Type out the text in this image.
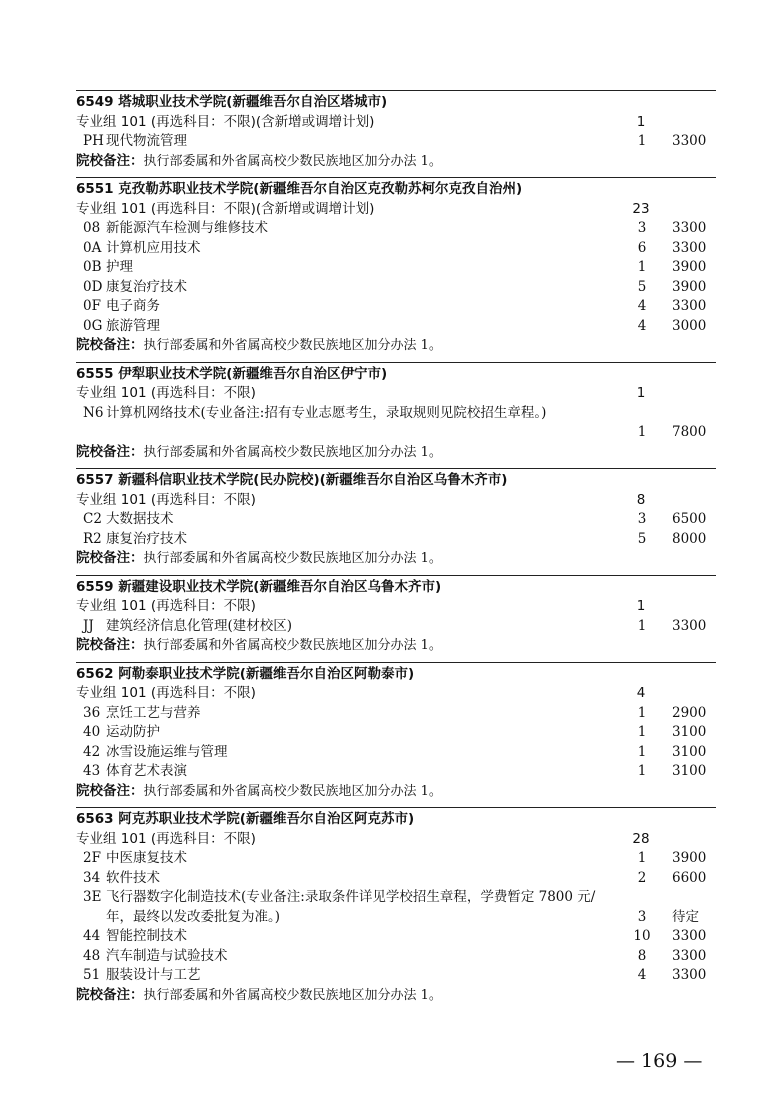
6549 塔城职业技术学院(新疆维吾尔自治区塔城市)
专业组 101 (再选科目：不限)(含新增或调增计划)	1
PH 现代物流管理	1	3300
院校备注：执行部委属和外省属高校少数民族地区加分办法 1。
6551 克孜勒苏职业技术学院(新疆维吾尔自治区克孜勒苏柯尔克孜自治州)
专业组 101 (再选科目：不限)(含新增或调增计划)	23
08 新能源汽车检测与维修技术	3	3300
0A 计算机应用技术	6	3300
0B 护理	1	3900
0D 康复治疗技术	5	3900
0F 电子商务	4	3300
0G 旅游管理	4	3000
院校备注：执行部委属和外省属高校少数民族地区加分办法 1。
6555 伊犁职业技术学院(新疆维吾尔自治区伊宁市)
专业组 101 (再选科目：不限)	1
N6 计算机网络技术(专业备注:招有专业志愿考生，录取规则见院校招生章程。)
1	7800
院校备注：执行部委属和外省属高校少数民族地区加分办法 1。
6557 新疆科信职业技术学院(民办院校)(新疆维吾尔自治区乌鲁木齐市)
专业组 101 (再选科目：不限)	8
C2 大数据技术	3	6500
R2 康复治疗技术	5	8000
院校备注：执行部委属和外省属高校少数民族地区加分办法 1。
6559 新疆建设职业技术学院(新疆维吾尔自治区乌鲁木齐市)
专业组 101 (再选科目：不限)	1
JJ 建筑经济信息化管理(建材校区)	1	3300
院校备注：执行部委属和外省属高校少数民族地区加分办法 1。
6562 阿勒泰职业技术学院(新疆维吾尔自治区阿勒泰市)
专业组 101 (再选科目：不限)	4
36 烹饪工艺与营养	1	2900
40 运动防护	1	3100
42 冰雪设施运维与管理	1	3100
43 体育艺术表演	1	3100
院校备注：执行部委属和外省属高校少数民族地区加分办法 1。
6563 阿克苏职业技术学院(新疆维吾尔自治区阿克苏市)
专业组 101 (再选科目：不限)	28
2F 中医康复技术	1	3900
34 软件技术	2	6600
3E 飞行器数字化制造技术(专业备注:录取条件详见学校招生章程，学费暂定 7800 元/年，最终以发改委批复为准。)	3	待定
44 智能控制技术	10 3300
48 汽车制造与试验技术	8	3300
51 服装设计与工艺	4	3300
院校备注：执行部委属和外省属高校少数民族地区加分办法 1。
— 169 —
